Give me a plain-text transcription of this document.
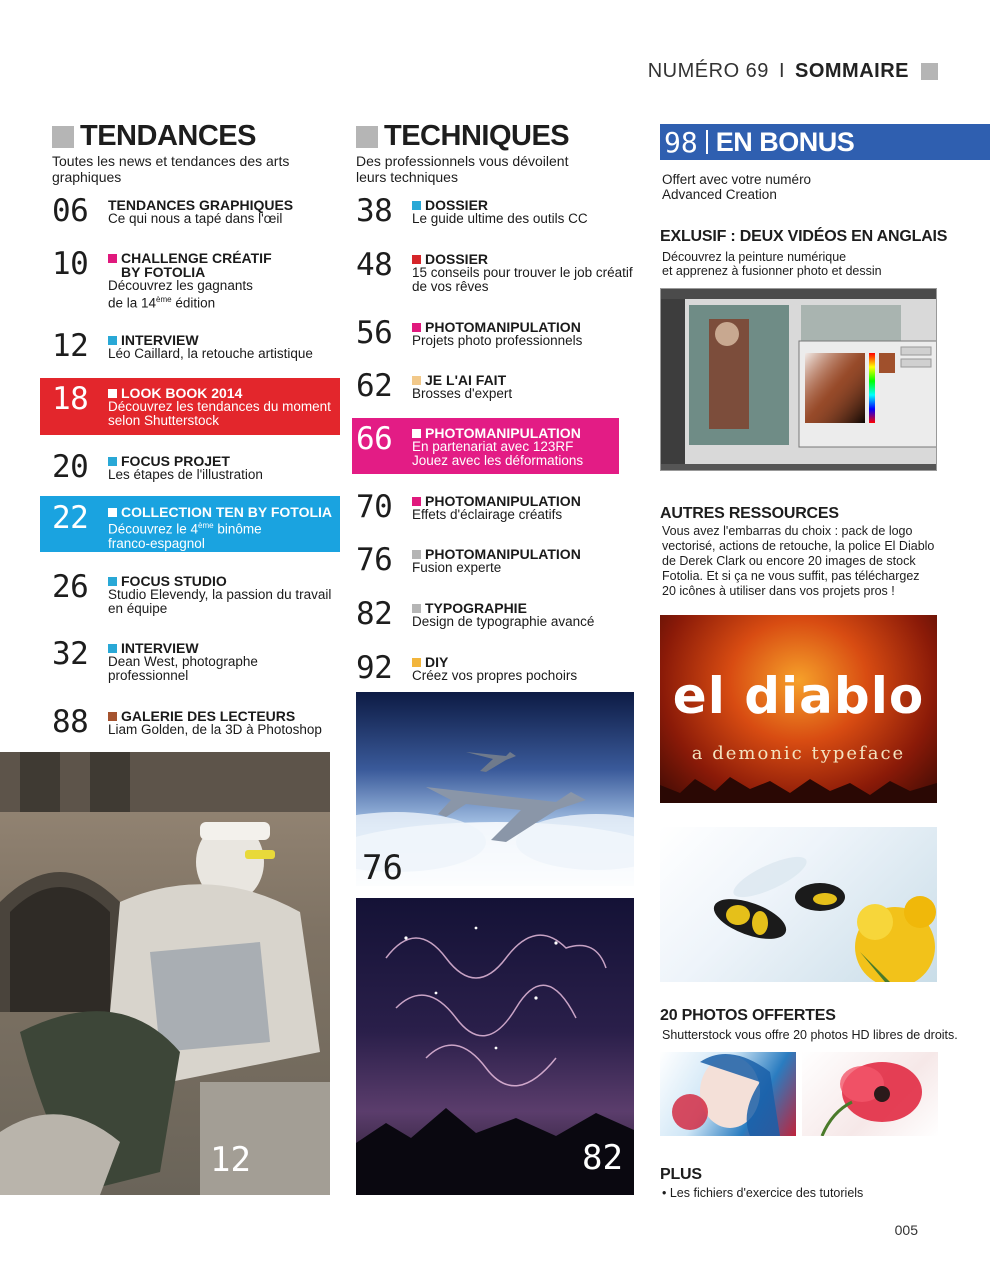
NUMÉRO 69 I SOMMAIRE
TENDANCES
Toutes les news et tendances des arts
graphiques
06	TENDANCES GRAPHIQUES
Ce qui nous a tapé dans l'œil
10	CHALLENGE CRÉATIF
BY FOTOLIA
Découvrez les gagnants
de la 14ème édition
12	INTERVIEW
Léo Caillard, la retouche artistique
18	LOOK BOOK 2014
Découvrez les tendances du moment
selon Shutterstock
20	FOCUS PROJET
Les étapes de l'illustration
22	COLLECTION TEN BY FOTOLIA
Découvrez le 4ème binôme
franco-espagnol
26	FOCUS STUDIO
Studio Elevendy, la passion du travail
en équipe
32	INTERVIEW
Dean West, photographe
professionnel
88	GALERIE DES LECTEURS
Liam Golden, de la 3D à Photoshop
12
TECHNIQUES
Des professionnels vous dévoilent
leurs techniques
38	DOSSIER
Le guide ultime des outils CC
48	DOSSIER
15 conseils pour trouver le job créatif
de vos rêves
56	PHOTOMANIPULATION
Projets photo professionnels
62	JE L'AI FAIT
Brosses d'expert
66	PHOTOMANIPULATION
En partenariat avec 123RF
Jouez avec les déformations
70	PHOTOMANIPULATION
Effets d'éclairage créatifs
76	PHOTOMANIPULATION
Fusion experte
82	TYPOGRAPHIE
Design de typographie avancé
92	DIY
Créez vos propres pochoirs
76
82
98 EN BONUS
Offert avec votre numéro
Advanced Creation
EXLUSIF : DEUX VIDÉOS EN ANGLAIS
Découvrez la peinture numérique
et apprenez à fusionner photo et dessin
AUTRES RESSOURCES
Vous avez l'embarras du choix : pack de logo
vectorisé, actions de retouche, la police El Diablo
de Derek Clark ou encore 20 images de stock
Fotolia. Et si ça ne vous suffit, pas téléchargez
20 icônes à utiliser dans vos projets pros !
el diablo
a demonic typeface
20 PHOTOS OFFERTES
Shutterstock vous offre 20 photos HD libres de droits.
PLUS
• Les fichiers d'exercice des tutoriels
005
